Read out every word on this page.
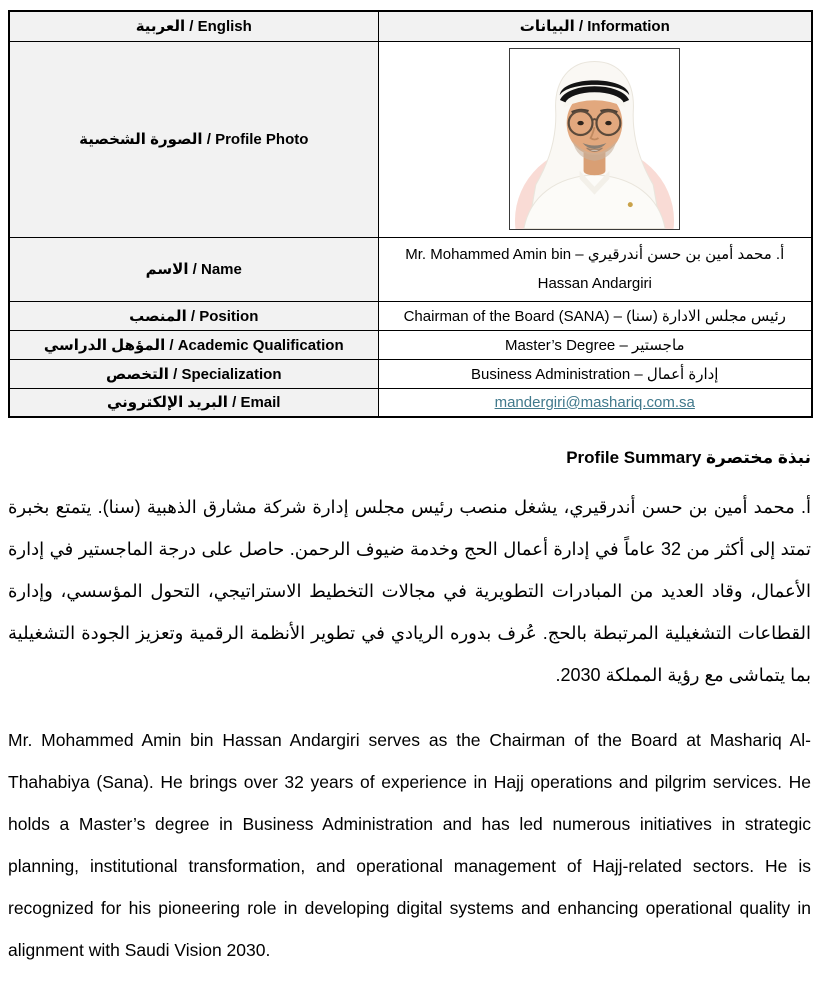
العربية / English	البيانات / Information
الصورة الشخصية / Profile Photo	

الاسم / Name	أ. محمد أمين بن حسن أندرقيري – Mr. Mohammed Amin bin Hassan Andargiri
المنصب / Position	رئيس مجلس الادارة (سنا) – Chairman of the Board (SANA)
المؤهل الدراسي / Academic Qualification	ماجستير – Master’s Degree
التخصص / Specialization	إدارة أعمال – Business Administration
البريد الإلكتروني / Email	mandergiri@mashariq.com.sa
نبذة مختصرة Profile Summary

أ. محمد أمين بن حسن أندرقيري، يشغل منصب رئيس مجلس إدارة شركة مشارق الذهبية (سنا). يتمتع بخبرة تمتد إلى أكثر من 32 عاماً في إدارة أعمال الحج وخدمة ضيوف الرحمن. حاصل على درجة الماجستير في إدارة الأعمال، وقاد العديد من المبادرات التطويرية في مجالات التخطيط الاستراتيجي، التحول المؤسسي، وإدارة القطاعات التشغيلية المرتبطة بالحج. عُرف بدوره الريادي في تطوير الأنظمة الرقمية وتعزيز الجودة التشغيلية بما يتماشى مع رؤية المملكة 2030.

Mr. Mohammed Amin bin Hassan Andargiri serves as the Chairman of the Board at Mashariq Al-Thahabiya (Sana). He brings over 32 years of experience in Hajj operations and pilgrim services. He holds a Master’s degree in Business Administration and has led numerous initiatives in strategic planning, institutional transformation, and operational management of Hajj-related sectors. He is recognized for his pioneering role in developing digital systems and enhancing operational quality in alignment with Saudi Vision 2030.
